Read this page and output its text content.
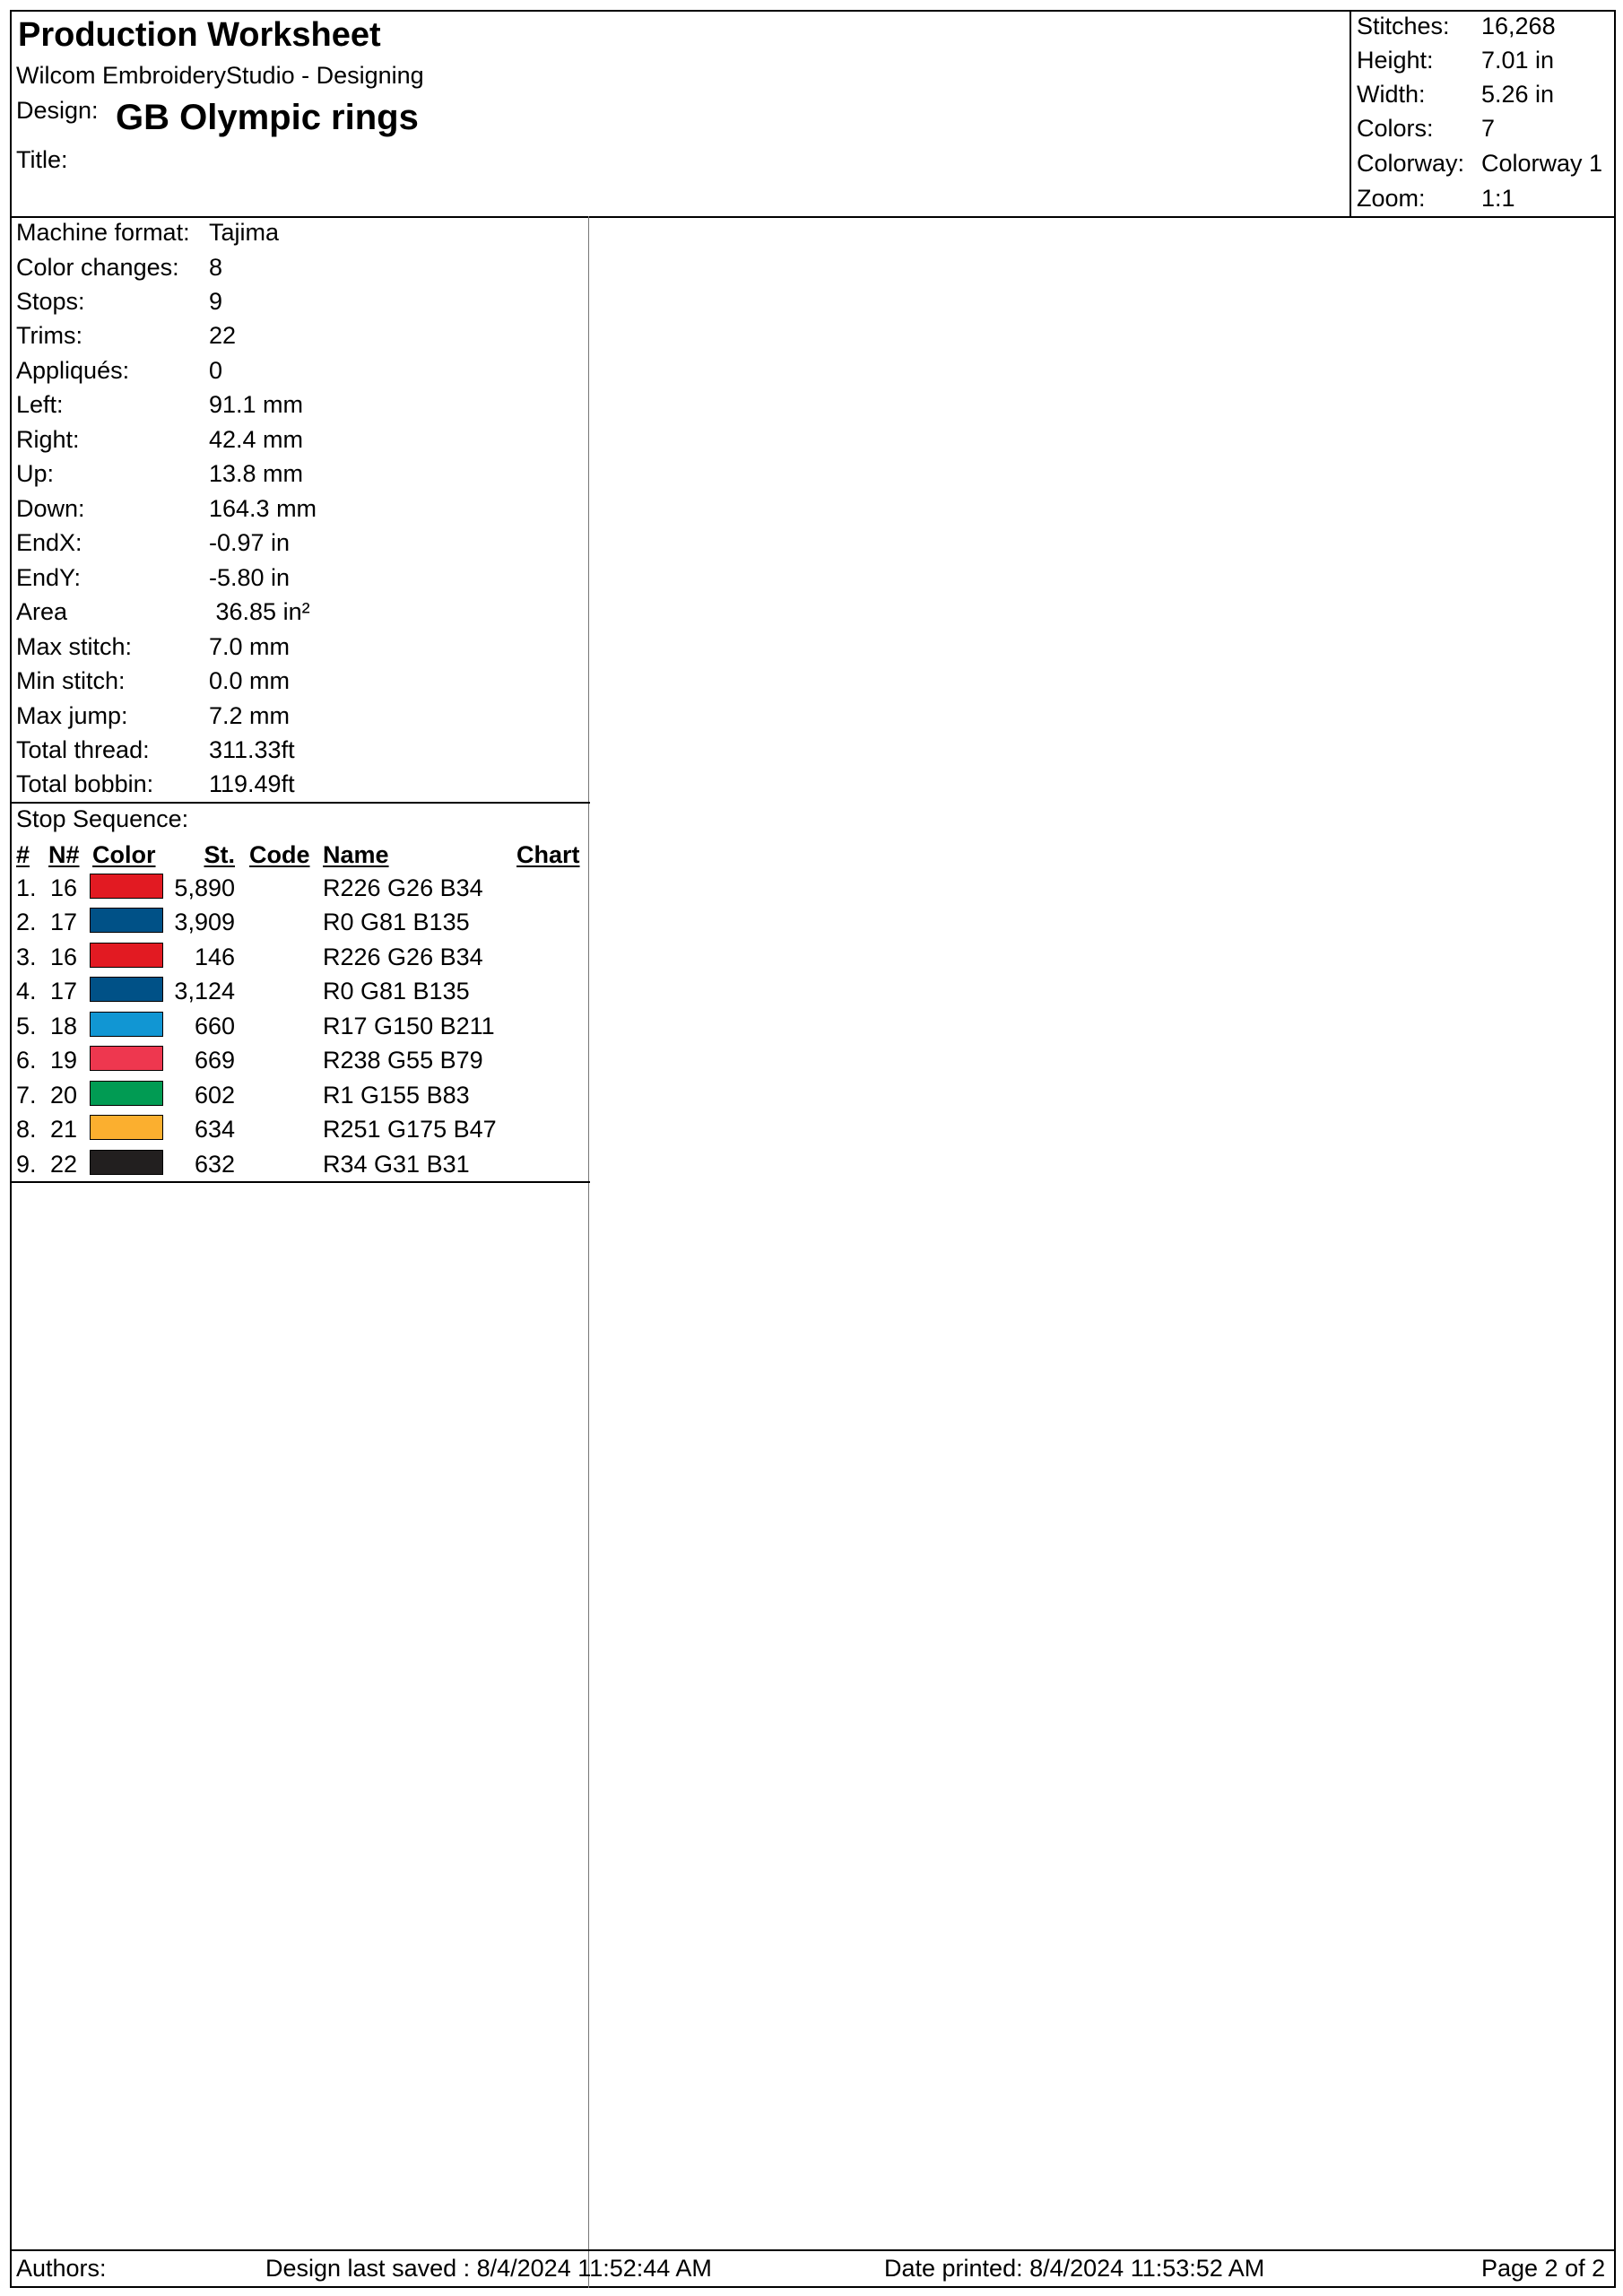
Production Worksheet
Wilcom EmbroideryStudio - Designing
Design: GB Olympic rings
Title:
Stitches: 16,268
Height: 7.01 in
Width: 5.26 in
Colors: 7
Colorway: Colorway 1
Zoom: 1:1
Machine format: Tajima
Color changes: 8
Stops:	9
Trims:	22
Appliqués:	0
Left:	91.1 mm
Right:	42.4 mm
Up:	13.8 mm
Down:	164.3 mm
EndX:	-0.97 in
EndY:	-5.80 in
Area	36.85 in²
Max stitch:	7.0 mm
Min stitch:	0.0 mm
Max jump:	7.2 mm
Total thread: 311.33ft
Total bobbin: 119.49ft
Stop Sequence:
# N# Color	St. Code Name	Chart
1. 16	5,890	R226 G26 B34
2. 17	3,909	R0 G81 B135
3. 16	146	R226 G26 B34
4. 17	3,124	R0 G81 B135
5. 18	660	R17 G150 B211
6. 19	669	R238 G55 B79
7. 20	602	R1 G155 B83
8. 21	634	R251 G175 B47
9. 22	632	R34 G31 B31
Authors:	Design last saved : 8/4/2024 11:52:44 AM	Date printed: 8/4/2024 11:53:52 AM	Page 2 of 2
